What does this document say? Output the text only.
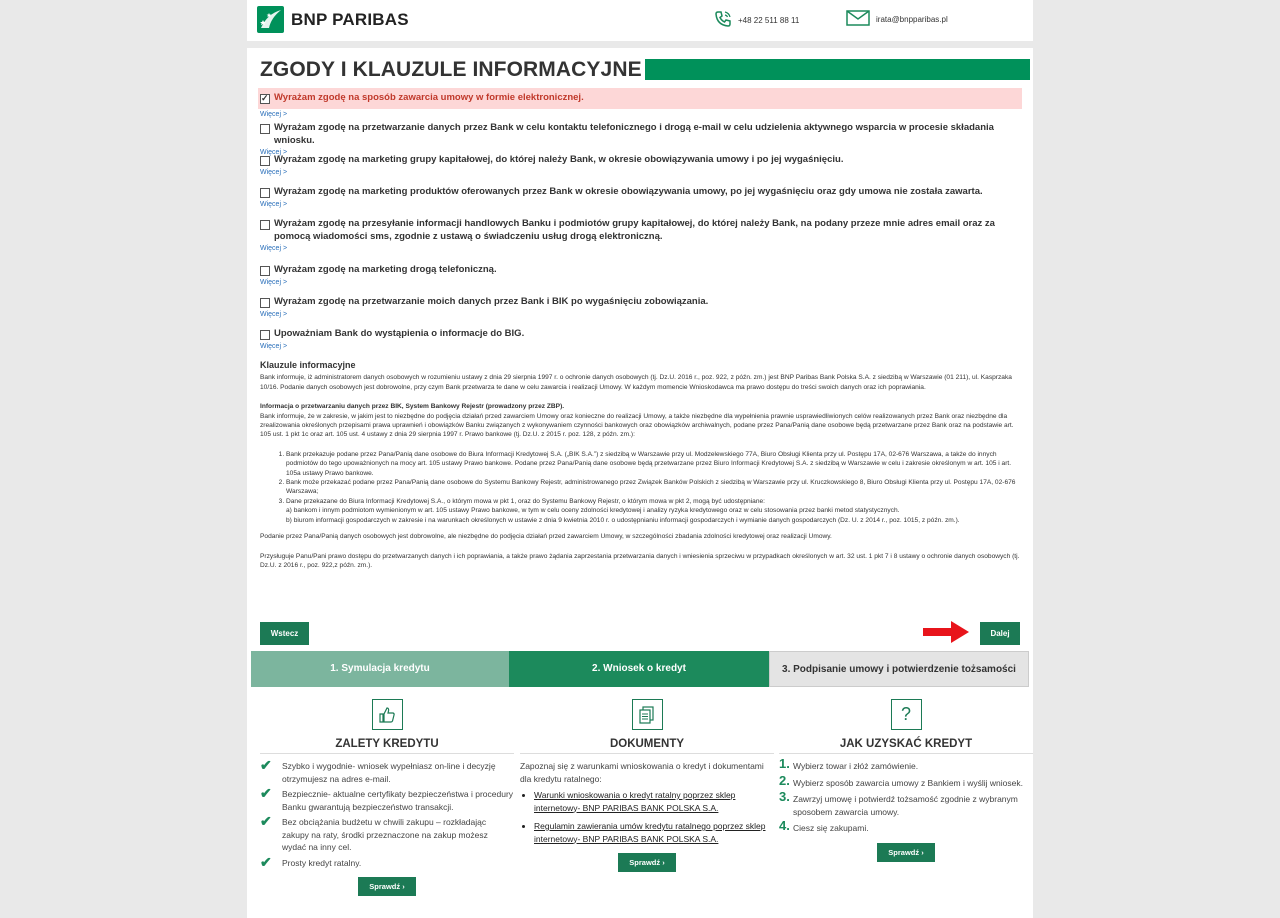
BNP PARIBAS	+48 22 511 88 11	irata@bnpparibas.pl
ZGODY I KLAUZULE INFORMACYJNE
✓
Wyrażam zgodę na sposób zawarcia umowy w formie elektronicznej.
Więcej >
Wyrażam zgodę na przetwarzanie danych przez Bank w celu kontaktu telefonicznego i drogą e-mail w celu udzielenia aktywnego wsparcia w procesie składania wniosku.
Więcej >
Wyrażam zgodę na marketing grupy kapitałowej, do której należy Bank, w okresie obowiązywania umowy i po jej wygaśnięciu.
Więcej >
Wyrażam zgodę na marketing produktów oferowanych przez Bank w okresie obowiązywania umowy, po jej wygaśnięciu oraz gdy umowa nie została zawarta.
Więcej >
Wyrażam zgodę na przesyłanie informacji handlowych Banku i podmiotów grupy kapitałowej, do której należy Bank, na podany przeze mnie adres email oraz za pomocą wiadomości sms, zgodnie z ustawą o świadczeniu usług drogą elektroniczną.
Więcej >
Wyrażam zgodę na marketing drogą telefoniczną.
Więcej >
Wyrażam zgodę na przetwarzanie moich danych przez Bank i BIK po wygaśnięciu zobowiązania.
Więcej >
Upoważniam Bank do wystąpienia o informacje do BIG.
Więcej >
Klauzule informacyjne

Bank informuje, iż administratorem danych osobowych w rozumieniu ustawy z dnia 29 sierpnia 1997 r. o ochronie danych osobowych (tj. Dz.U. 2016 r., poz. 922, z późn. zm.) jest BNP Paribas Bank Polska S.A. z siedzibą w Warszawie (01 211), ul. Kasprzaka 10/16. Podanie danych osobowych jest dobrowolne, przy czym Bank przetwarza te dane w celu zawarcia i realizacji Umowy. W każdym momencie Wnioskodawca ma prawo dostępu do treści swoich danych oraz ich poprawiania.

Informacja o przetwarzaniu danych przez BIK, System Bankowy Rejestr (prowadzony przez ZBP).

Bank informuje, że w zakresie, w jakim jest to niezbędne do podjęcia działań przed zawarciem Umowy oraz konieczne do realizacji Umowy, a także niezbędne dla wypełnienia prawnie usprawiedliwionych celów realizowanych przez Bank oraz niezbędne dla zrealizowania określonych przepisami prawa uprawnień i obowiązków Banku związanych z wykonywaniem czynności bankowych oraz obowiązków archiwalnych, podane przez Pana/Panią dane osobowe będą przetwarzane przez Bank oraz na podstawie art. 105 ust. 1 pkt 1c oraz art. 105 ust. 4 ustawy z dnia 29 sierpnia 1997 r. Prawo bankowe (tj. Dz.U. z 2015 r. poz. 128, z późn. zm.):

1. Bank przekazuje podane przez Pana/Panią dane osobowe do Biura Informacji Kredytowej S.A. („BIK S.A.”) z siedzibą w Warszawie przy ul. Modzelewskiego 77A, Biuro Obsługi Klienta przy ul. Postępu 17A, 02-676 Warszawa, a także do innych podmiotów do tego upoważnionych na mocy art. 105 ustawy Prawo bankowe. Podane przez Pana/Panią dane osobowe będą przetwarzane przez Biuro Informacji Kredytowej S.A. z siedzibą w Warszawie w celu i zakresie określonym w art. 105 i art. 105a ustawy Prawo bankowe.
2. Bank może przekazać podane przez Pana/Panią dane osobowe do Systemu Bankowy Rejestr, administrowanego przez Związek Banków Polskich z siedzibą w Warszawie przy ul. Kruczkowskiego 8, Biuro Obsługi Klienta przy ul. Postępu 17A, 02-676 Warszawa;
3. Dane przekazane do Biura Informacji Kredytowej S.A., o którym mowa w pkt 1, oraz do Systemu Bankowy Rejestr, o którym mowa w pkt 2, mogą być udostępniane:
a) bankom i innym podmiotom wymienionym w art. 105 ustawy Prawo bankowe, w tym w celu oceny zdolności kredytowej i analizy ryzyka kredytowego oraz w celu stosowania przez banki metod statystycznych.
b) biurom informacji gospodarczych w zakresie i na warunkach określonych w ustawie z dnia 9 kwietnia 2010 r. o udostępnianiu informacji gospodarczych i wymianie danych gospodarczych (Dz. U. z 2014 r., poz. 1015, z późn. zm.).

Podanie przez Pana/Panią danych osobowych jest dobrowolne, ale niezbędne do podjęcia działań przed zawarciem Umowy, w szczególności zbadania zdolności kredytowej oraz realizacji Umowy.

Przysługuje Panu/Pani prawo dostępu do przetwarzanych danych i ich poprawiania, a także prawo żądania zaprzestania przetwarzania danych i wniesienia sprzeciwu w przypadkach określonych w art. 32 ust. 1 pkt 7 i 8 ustawy o ochronie danych osobowych (tj. Dz.U. z 2016 r., poz. 922,z późn. zm.).

Wstecz	Dalej
1. Symulacja kredytu	2. Wniosek o kredyt	3. Podpisanie umowy i potwierdzenie tożsamości
ZALETY KREDYTU
✔ Szybko i wygodnie- wniosek wypełniasz on-line i decyzję otrzymujesz na adres e-mail.
✔ Bezpiecznie- aktualne certyfikaty bezpieczeństwa i procedury Banku gwarantują bezpieczeństwo transakcji.
✔ Bez obciążania budżetu w chwili zakupu – rozkładając zakupy na raty, środki przeznaczone na zakup możesz wydać na inny cel.
✔ Prosty kredyt ratalny.
Sprawdź ›
DOKUMENTY
Zapoznaj się z warunkami wnioskowania o kredyt i dokumentami dla kredytu ratalnego:
• Warunki wnioskowania o kredyt ratalny poprzez sklep internetowy- BNP PARIBAS BANK POLSKA S.A.
• Regulamin zawierania umów kredytu ratalnego poprzez sklep internetowy- BNP PARIBAS BANK POLSKA S.A.
Sprawdź ›
?
JAK UZYSKAĆ KREDYT
1. Wybierz towar i złóż zamówienie.
2. Wybierz sposób zawarcia umowy z Bankiem i wyślij wniosek.
3. Zawrzyj umowę i potwierdź tożsamość zgodnie z wybranym sposobem zawarcia umowy.
4. Ciesz się zakupami.
Sprawdź ›
